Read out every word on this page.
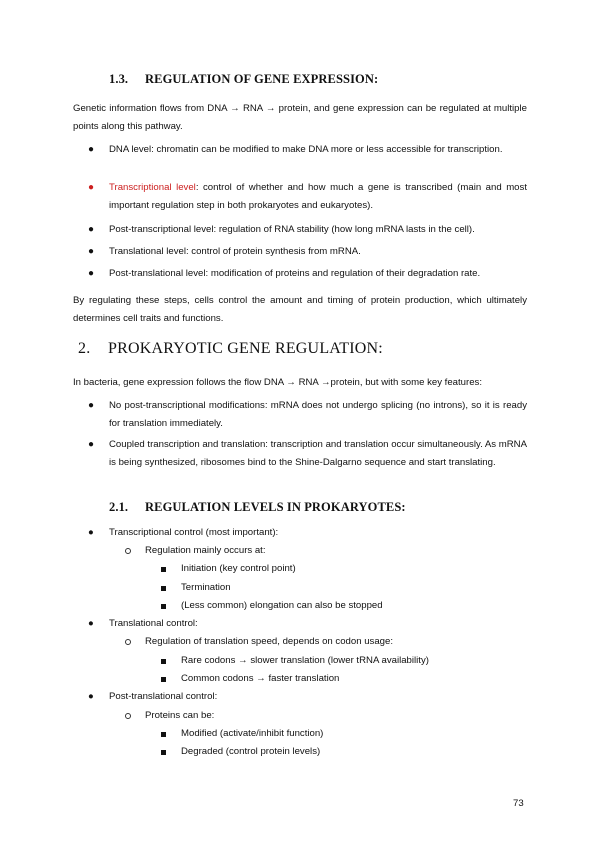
1.3. REGULATION OF GENE EXPRESSION:

Genetic information flows from DNA → RNA → protein, and gene expression can be regulated at multiple points along this pathway.

● DNA level: chromatin can be modified to make DNA more or less accessible for transcription.

● Transcriptional level: control of whether and how much a gene is transcribed (main and most important regulation step in both prokaryotes and eukaryotes).

● Post-transcriptional level: regulation of RNA stability (how long mRNA lasts in the cell).

● Translational level: control of protein synthesis from mRNA.

● Post-translational level: modification of proteins and regulation of their degradation rate.

By regulating these steps, cells control the amount and timing of protein production, which ultimately determines cell traits and functions.

2. PROKARYOTIC GENE REGULATION:

In bacteria, gene expression follows the flow DNA → RNA →protein, but with some key features:

● No post-transcriptional modifications: mRNA does not undergo splicing (no introns), so it is ready for translation immediately.

● Coupled transcription and translation: transcription and translation occur simultaneously. As mRNA is being synthesized, ribosomes bind to the Shine-Dalgarno sequence and start translating.

2.1. REGULATION LEVELS IN PROKARYOTES:
● Transcriptional control (most important):
Regulation mainly occurs at:
Initiation (key control point)
Termination
(Less common) elongation can also be stopped
● Translational control:
Regulation of translation speed, depends on codon usage:
Rare codons → slower translation (lower tRNA availability)
Common codons → faster translation
● Post-translational control:
Proteins can be:
Modified (activate/inhibit function)
Degraded (control protein levels)
73
